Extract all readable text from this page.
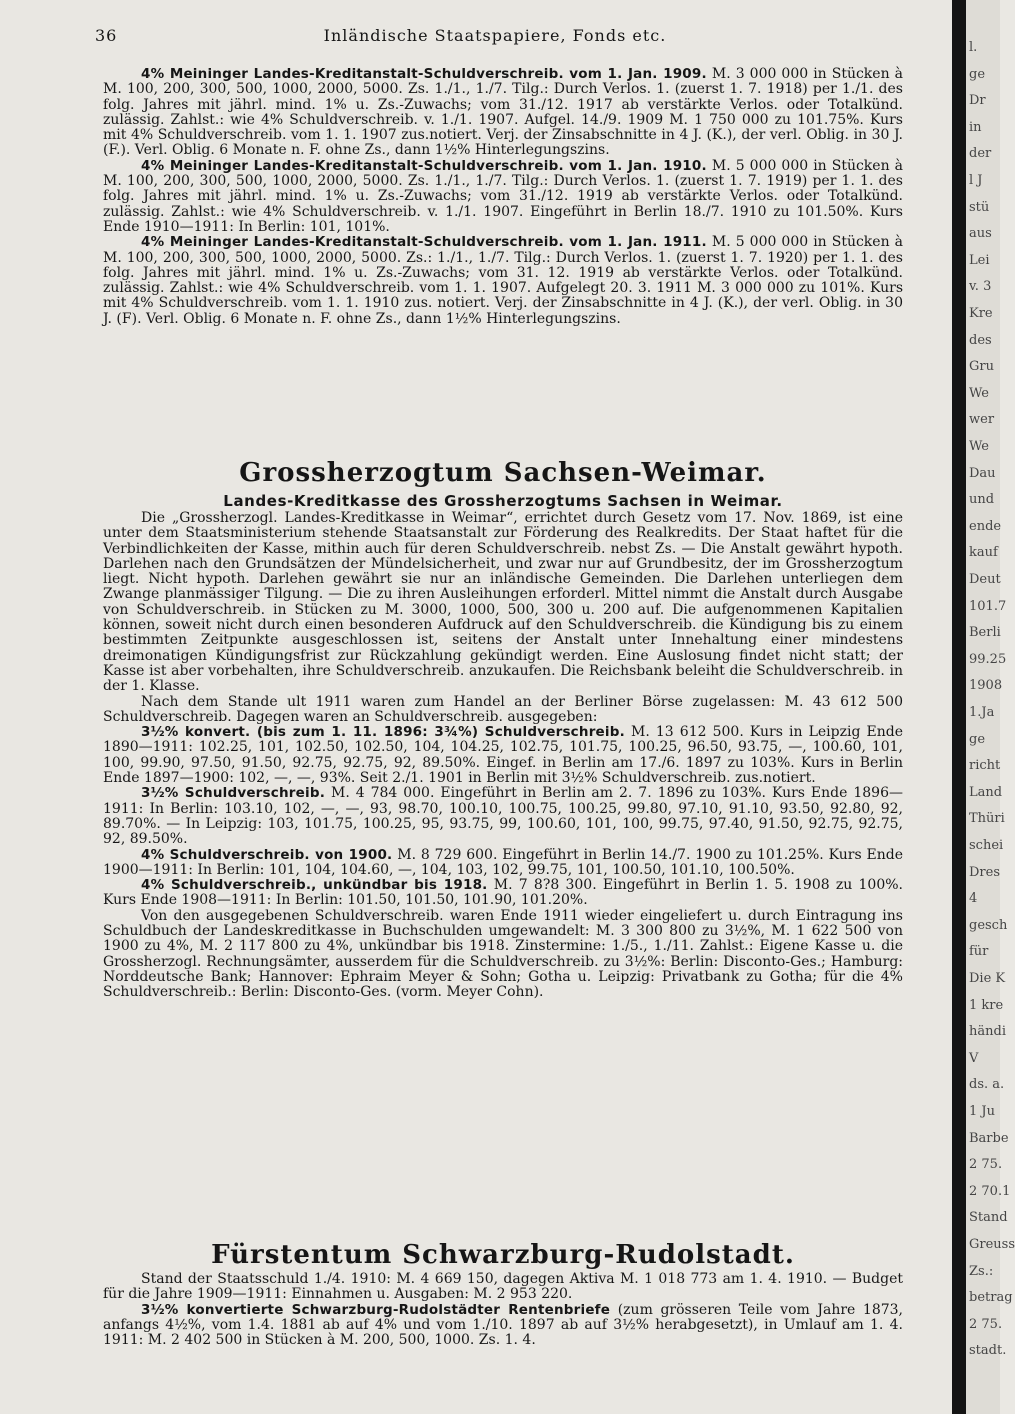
36	Inländische Staatspapiere, Fonds etc.

4% Meininger Landes-Kreditanstalt-Schuldverschreib. vom 1. Jan. 1909. M. 3 000 000 in Stücken à M. 100, 200, 300, 500, 1000, 2000, 5000. Zs. 1./1., 1./7. Tilg.: Durch Verlos. 1. (zuerst 1. 7. 1918) per 1./1. des folg. Jahres mit jährl. mind. 1% u. Zs.-Zuwachs; vom 31./12. 1917 ab verstärkte Verlos. oder Totalkünd. zulässig. Zahlst.: wie 4% Schuldverschreib. v. 1./1. 1907. Aufgel. 14./9. 1909 M. 1 750 000 zu 101.75%. Kurs mit 4% Schuldverschreib. vom 1. 1. 1907 zus.notiert. Verj. der Zinsabschnitte in 4 J. (K.), der verl. Oblig. in 30 J. (F.). Verl. Oblig. 6 Monate n. F. ohne Zs., dann 1½% Hinterlegungszins.

4% Meininger Landes-Kreditanstalt-Schuldverschreib. vom 1. Jan. 1910. M. 5 000 000 in Stücken à M. 100, 200, 300, 500, 1000, 2000, 5000. Zs. 1./1., 1./7. Tilg.: Durch Verlos. 1. (zuerst 1. 7. 1919) per 1. 1. des folg. Jahres mit jährl. mind. 1% u. Zs.-Zuwachs; vom 31./12. 1919 ab verstärkte Verlos. oder Totalkünd. zulässig. Zahlst.: wie 4% Schuldverschreib. v. 1./1. 1907. Eingeführt in Berlin 18./7. 1910 zu 101.50%. Kurs Ende 1910—1911: In Berlin: 101, 101%.

4% Meininger Landes-Kreditanstalt-Schuldverschreib. vom 1. Jan. 1911. M. 5 000 000 in Stücken à M. 100, 200, 300, 500, 1000, 2000, 5000. Zs.: 1./1., 1./7. Tilg.: Durch Verlos. 1. (zuerst 1. 7. 1920) per 1. 1. des folg. Jahres mit jährl. mind. 1% u. Zs.-Zuwachs; vom 31. 12. 1919 ab verstärkte Verlos. oder Totalkünd. zulässig. Zahlst.: wie 4% Schuldverschreib. vom 1. 1. 1907. Aufgelegt 20. 3. 1911 M. 3 000 000 zu 101%. Kurs mit 4% Schuldverschreib. vom 1. 1. 1910 zus. notiert. Verj. der Zinsabschnitte in 4 J. (K.), der verl. Oblig. in 30 J. (F). Verl. Oblig. 6 Monate n. F. ohne Zs., dann 1½% Hinterlegungszins.

Grossherzogtum Sachsen-Weimar.
Landes-Kreditkasse des Grossherzogtums Sachsen in Weimar.

Die „Grossherzogl. Landes-Kreditkasse in Weimar“, errichtet durch Gesetz vom 17. Nov. 1869, ist eine unter dem Staatsministerium stehende Staatsanstalt zur Förderung des Realkredits. Der Staat haftet für die Verbindlichkeiten der Kasse, mithin auch für deren Schuldverschreib. nebst Zs. — Die Anstalt gewährt hypoth. Darlehen nach den Grundsätzen der Mündelsicherheit, und zwar nur auf Grundbesitz, der im Grossherzogtum liegt. Nicht hypoth. Darlehen gewährt sie nur an inländische Gemeinden. Die Darlehen unterliegen dem Zwange planmässiger Tilgung. — Die zu ihren Ausleihungen erforderl. Mittel nimmt die Anstalt durch Ausgabe von Schuldverschreib. in Stücken zu M. 3000, 1000, 500, 300 u. 200 auf. Die aufgenommenen Kapitalien können, soweit nicht durch einen besonderen Aufdruck auf den Schuldverschreib. die Kündigung bis zu einem bestimmten Zeitpunkte ausgeschlossen ist, seitens der Anstalt unter Innehaltung einer mindestens dreimonatigen Kündigungsfrist zur Rückzahlung gekündigt werden. Eine Auslosung findet nicht statt; der Kasse ist aber vorbehalten, ihre Schuldverschreib. anzukaufen. Die Reichsbank beleiht die Schuldverschreib. in der 1. Klasse.

Nach dem Stande ult 1911 waren zum Handel an der Berliner Börse zugelassen: M. 43 612 500 Schuldverschreib. Dagegen waren an Schuldverschreib. ausgegeben:

3½% konvert. (bis zum 1. 11. 1896: 3¾%) Schuldverschreib. M. 13 612 500. Kurs in Leipzig Ende 1890—1911: 102.25, 101, 102.50, 102.50, 104, 104.25, 102.75, 101.75, 100.25, 96.50, 93.75, —, 100.60, 101, 100, 99.90, 97.50, 91.50, 92.75, 92.75, 92, 89.50%. Eingef. in Berlin am 17./6. 1897 zu 103%. Kurs in Berlin Ende 1897—1900: 102, —, —, 93%. Seit 2./1. 1901 in Berlin mit 3½% Schuldverschreib. zus.notiert.

3½% Schuldverschreib. M. 4 784 000. Eingeführt in Berlin am 2. 7. 1896 zu 103%. Kurs Ende 1896—1911: In Berlin: 103.10, 102, —, —, 93, 98.70, 100.10, 100.75, 100.25, 99.80, 97.10, 91.10, 93.50, 92.80, 92, 89.70%. — In Leipzig: 103, 101.75, 100.25, 95, 93.75, 99, 100.60, 101, 100, 99.75, 97.40, 91.50, 92.75, 92.75, 92, 89.50%.

4% Schuldverschreib. von 1900. M. 8 729 600. Eingeführt in Berlin 14./7. 1900 zu 101.25%. Kurs Ende 1900—1911: In Berlin: 101, 104, 104.60, —, 104, 103, 102, 99.75, 101, 100.50, 101.10, 100.50%.

4% Schuldverschreib., unkündbar bis 1918. M. 7 8?8 300. Eingeführt in Berlin 1. 5. 1908 zu 100%. Kurs Ende 1908—1911: In Berlin: 101.50, 101.50, 101.90, 101.20%.

Von den ausgegebenen Schuldverschreib. waren Ende 1911 wieder eingeliefert u. durch Eintragung ins Schuldbuch der Landeskreditkasse in Buchschulden umgewandelt: M. 3 300 800 zu 3½%, M. 1 622 500 von 1900 zu 4%, M. 2 117 800 zu 4%, unkündbar bis 1918. Zinstermine: 1./5., 1./11. Zahlst.: Eigene Kasse u. die Grossherzogl. Rechnungsämter, ausserdem für die Schuldverschreib. zu 3½%: Berlin: Disconto-Ges.; Hamburg: Norddeutsche Bank; Hannover: Ephraim Meyer & Sohn; Gotha u. Leipzig: Privatbank zu Gotha; für die 4% Schuldverschreib.: Berlin: Disconto-Ges. (vorm. Meyer Cohn).

Fürstentum Schwarzburg-Rudolstadt.

Stand der Staatsschuld 1./4. 1910: M. 4 669 150, dagegen Aktiva M. 1 018 773 am 1. 4. 1910. — Budget für die Jahre 1909—1911: Einnahmen u. Ausgaben: M. 2 953 220.

3½% konvertierte Schwarzburg-Rudolstädter Rentenbriefe (zum grösseren Teile vom Jahre 1873, anfangs 4½%, vom 1.4. 1881 ab auf 4% und vom 1./10. 1897 ab auf 3½% herabgesetzt), in Umlauf am 1. 4. 1911: M. 2 402 500 in Stücken à M. 200, 500, 1000. Zs. 1. 4.

l.
ge
Dr
in
der
l J
stü
aus
Lei
v. 3
Kre
des
Gru
We
wer
We
Dau
und
ende
kauf
Deut
101.7
Berli
99.25
1908
1.Ja
ge
richt
Land
Thüri
schei
Dres
4
gesch
für
Die K
1 kre
händi
V
ds. a.
1 Ju
Barbe
2 75.
2 70.1
Stand
Greuss
Zs.:
betrag
2 75.
stadt.
